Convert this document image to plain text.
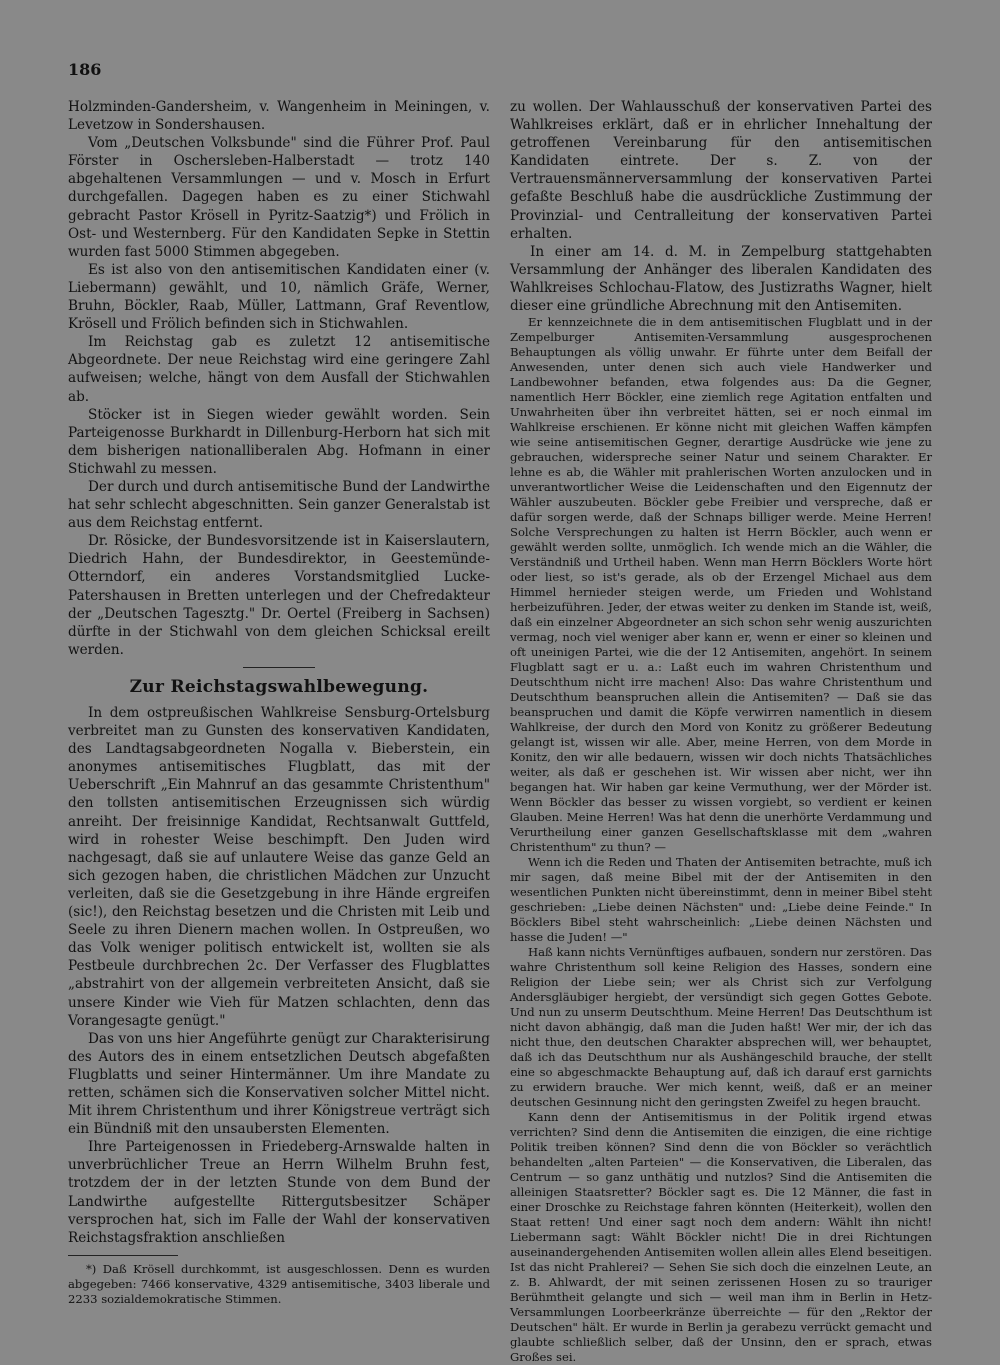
186

Holzminden-Gandersheim, v. Wangenheim in Meiningen, v. Levetzow in Sondershausen.

Vom „Deutschen Volksbunde" sind die Führer Prof. Paul Förster in Oschersleben-Halberstadt — trotz 140 abgehaltenen Versammlungen — und v. Mosch in Erfurt durchgefallen. Dagegen haben es zu einer Stichwahl gebracht Pastor Krösell in Pyritz-Saatzig*) und Frölich in Ost- und Westernberg. Für den Kandidaten Sepke in Stettin wurden fast 5000 Stimmen abgegeben.

Es ist also von den antisemitischen Kandidaten einer (v. Liebermann) gewählt, und 10, nämlich Gräfe, Werner, Bruhn, Böckler, Raab, Müller, Lattmann, Graf Reventlow, Krösell und Frölich befinden sich in Stichwahlen.

Im Reichstag gab es zuletzt 12 antisemitische Abgeordnete. Der neue Reichstag wird eine geringere Zahl aufweisen; welche, hängt von dem Ausfall der Stichwahlen ab.

Stöcker ist in Siegen wieder gewählt worden. Sein Parteigenosse Burkhardt in Dillenburg-Herborn hat sich mit dem bisherigen nationalliberalen Abg. Hofmann in einer Stichwahl zu messen.

Der durch und durch antisemitische Bund der Landwirthe hat sehr schlecht abgeschnitten. Sein ganzer Generalstab ist aus dem Reichstag entfernt.

Dr. Rösicke, der Bundesvorsitzende ist in Kaiserslautern, Diedrich Hahn, der Bundesdirektor, in Geestemünde-Otterndorf, ein anderes Vorstandsmitglied Lucke-Patershausen in Bretten unterlegen und der Chefredakteur der „Deutschen Tagesztg." Dr. Oertel (Freiberg in Sachsen) dürfte in der Stichwahl von dem gleichen Schicksal ereilt werden.

Zur Reichstagswahlbewegung.

In dem ostpreußischen Wahlkreise Sensburg-Ortelsburg verbreitet man zu Gunsten des konservativen Kandidaten, des Landtagsabgeordneten Nogalla v. Bieberstein, ein anonymes antisemitisches Flugblatt, das mit der Ueberschrift „Ein Mahnruf an das gesammte Christenthum" den tollsten antisemitischen Erzeugnissen sich würdig anreiht. Der freisinnige Kandidat, Rechtsanwalt Guttfeld, wird in rohester Weise beschimpft. Den Juden wird nachgesagt, daß sie auf unlautere Weise das ganze Geld an sich gezogen haben, die christlichen Mädchen zur Unzucht verleiten, daß sie die Gesetzgebung in ihre Hände ergreifen (sic!), den Reichstag besetzen und die Christen mit Leib und Seele zu ihren Dienern machen wollen. In Ostpreußen, wo das Volk weniger politisch entwickelt ist, wollten sie als Pestbeule durchbrechen 2c. Der Verfasser des Flugblattes „abstrahirt von der allgemein verbreiteten Ansicht, daß sie unsere Kinder wie Vieh für Matzen schlachten, denn das Vorangesagte genügt."

Das von uns hier Angeführte genügt zur Charakterisirung des Autors des in einem entsetzlichen Deutsch abgefaßten Flugblatts und seiner Hintermänner. Um ihre Mandate zu retten, schämen sich die Konservativen solcher Mittel nicht. Mit ihrem Christenthum und ihrer Königstreue verträgt sich ein Bündniß mit den unsaubersten Elementen.

Ihre Parteigenossen in Friedeberg-Arnswalde halten in unverbrüchlicher Treue an Herrn Wilhelm Bruhn fest, trotzdem der in der letzten Stunde von dem Bund der Landwirthe aufgestellte Rittergutsbesitzer Schäper versprochen hat, sich im Falle der Wahl der konservativen Reichstagsfraktion anschließen

*) Daß Krösell durchkommt, ist ausgeschlossen. Denn es wurden abgegeben: 7466 konservative, 4329 antisemitische, 3403 liberale und 2233 sozialdemokratische Stimmen.

zu wollen. Der Wahlausschuß der konservativen Partei des Wahlkreises erklärt, daß er in ehrlicher Innehaltung der getroffenen Vereinbarung für den antisemitischen Kandidaten eintrete. Der s. Z. von der Vertrauensmännerversammlung der konservativen Partei gefaßte Beschluß habe die ausdrückliche Zustimmung der Provinzial- und Centralleitung der konservativen Partei erhalten.

In einer am 14. d. M. in Zempelburg stattgehabten Versammlung der Anhänger des liberalen Kandidaten des Wahlkreises Schlochau-Flatow, des Justizraths Wagner, hielt dieser eine gründliche Abrechnung mit den Antisemiten.

Er kennzeichnete die in dem antisemitischen Flugblatt und in der Zempelburger Antisemiten-Versammlung ausgesprochenen Behauptungen als völlig unwahr. Er führte unter dem Beifall der Anwesenden, unter denen sich auch viele Handwerker und Landbewohner befanden, etwa folgendes aus: Da die Gegner, namentlich Herr Böckler, eine ziemlich rege Agitation entfalten und Unwahrheiten über ihn verbreitet hätten, sei er noch einmal im Wahlkreise erschienen. Er könne nicht mit gleichen Waffen kämpfen wie seine antisemitischen Gegner, derartige Ausdrücke wie jene zu gebrauchen, widerspreche seiner Natur und seinem Charakter. Er lehne es ab, die Wähler mit prahlerischen Worten anzulocken und in unverantwortlicher Weise die Leidenschaften und den Eigennutz der Wähler auszubeuten. Böckler gebe Freibier und verspreche, daß er dafür sorgen werde, daß der Schnaps billiger werde. Meine Herren! Solche Versprechungen zu halten ist Herrn Böckler, auch wenn er gewählt werden sollte, unmöglich. Ich wende mich an die Wähler, die Verständniß und Urtheil haben. Wenn man Herrn Böcklers Worte hört oder liest, so ist's gerade, als ob der Erzengel Michael aus dem Himmel hernieder steigen werde, um Frieden und Wohlstand herbeizuführen. Jeder, der etwas weiter zu denken im Stande ist, weiß, daß ein einzelner Abgeordneter an sich schon sehr wenig auszurichten vermag, noch viel weniger aber kann er, wenn er einer so kleinen und oft uneinigen Partei, wie die der 12 Antisemiten, angehört. In seinem Flugblatt sagt er u. a.: Laßt euch im wahren Christenthum und Deutschthum nicht irre machen! Also: Das wahre Christenthum und Deutschthum beanspruchen allein die Antisemiten? — Daß sie das beanspruchen und damit die Köpfe verwirren namentlich in diesem Wahlkreise, der durch den Mord von Konitz zu größerer Bedeutung gelangt ist, wissen wir alle. Aber, meine Herren, von dem Morde in Konitz, den wir alle bedauern, wissen wir doch nichts Thatsächliches weiter, als daß er geschehen ist. Wir wissen aber nicht, wer ihn begangen hat. Wir haben gar keine Vermuthung, wer der Mörder ist. Wenn Böckler das besser zu wissen vorgiebt, so verdient er keinen Glauben. Meine Herren! Was hat denn die unerhörte Verdammung und Verurtheilung einer ganzen Gesellschaftsklasse mit dem „wahren Christenthum" zu thun? —

Wenn ich die Reden und Thaten der Antisemiten betrachte, muß ich mir sagen, daß meine Bibel mit der der Antisemiten in den wesentlichen Punkten nicht übereinstimmt, denn in meiner Bibel steht geschrieben: „Liebe deinen Nächsten" und: „Liebe deine Feinde." In Böcklers Bibel steht wahrscheinlich: „Liebe deinen Nächsten und hasse die Juden! —"

Haß kann nichts Vernünftiges aufbauen, sondern nur zerstören. Das wahre Christenthum soll keine Religion des Hasses, sondern eine Religion der Liebe sein; wer als Christ sich zur Verfolgung Andersgläubiger hergiebt, der versündigt sich gegen Gottes Gebote. Und nun zu unserm Deutschthum. Meine Herren! Das Deutschthum ist nicht davon abhängig, daß man die Juden haßt! Wer mir, der ich das nicht thue, den deutschen Charakter absprechen will, wer behauptet, daß ich das Deutschthum nur als Aushängeschild brauche, der stellt eine so abgeschmackte Behauptung auf, daß ich darauf erst garnichts zu erwidern brauche. Wer mich kennt, weiß, daß er an meiner deutschen Gesinnung nicht den geringsten Zweifel zu hegen braucht.

Kann denn der Antisemitismus in der Politik irgend etwas verrichten? Sind denn die Antisemiten die einzigen, die eine richtige Politik treiben können? Sind denn die von Böckler so verächtlich behandelten „alten Parteien" — die Konservativen, die Liberalen, das Centrum — so ganz unthätig und nutzlos? Sind die Antisemiten die alleinigen Staatsretter? Böckler sagt es. Die 12 Männer, die fast in einer Droschke zu Reichstage fahren könnten (Heiterkeit), wollen den Staat retten! Und einer sagt noch dem andern: Wählt ihn nicht! Liebermann sagt: Wählt Böckler nicht! Die in drei Richtungen auseinandergehenden Antisemiten wollen allein alles Elend beseitigen. Ist das nicht Prahlerei? — Sehen Sie sich doch die einzelnen Leute, an z. B. Ahlwardt, der mit seinen zerissenen Hosen zu so trauriger Berühmtheit gelangte und sich — weil man ihm in Berlin in Hetz-Versammlungen Loorbeerkränze überreichte — für den „Rektor der Deutschen" hält. Er wurde in Berlin ja gerabezu verrückt gemacht und glaubte schließlich selber, daß der Unsinn, den er sprach, etwas Großes sei.
